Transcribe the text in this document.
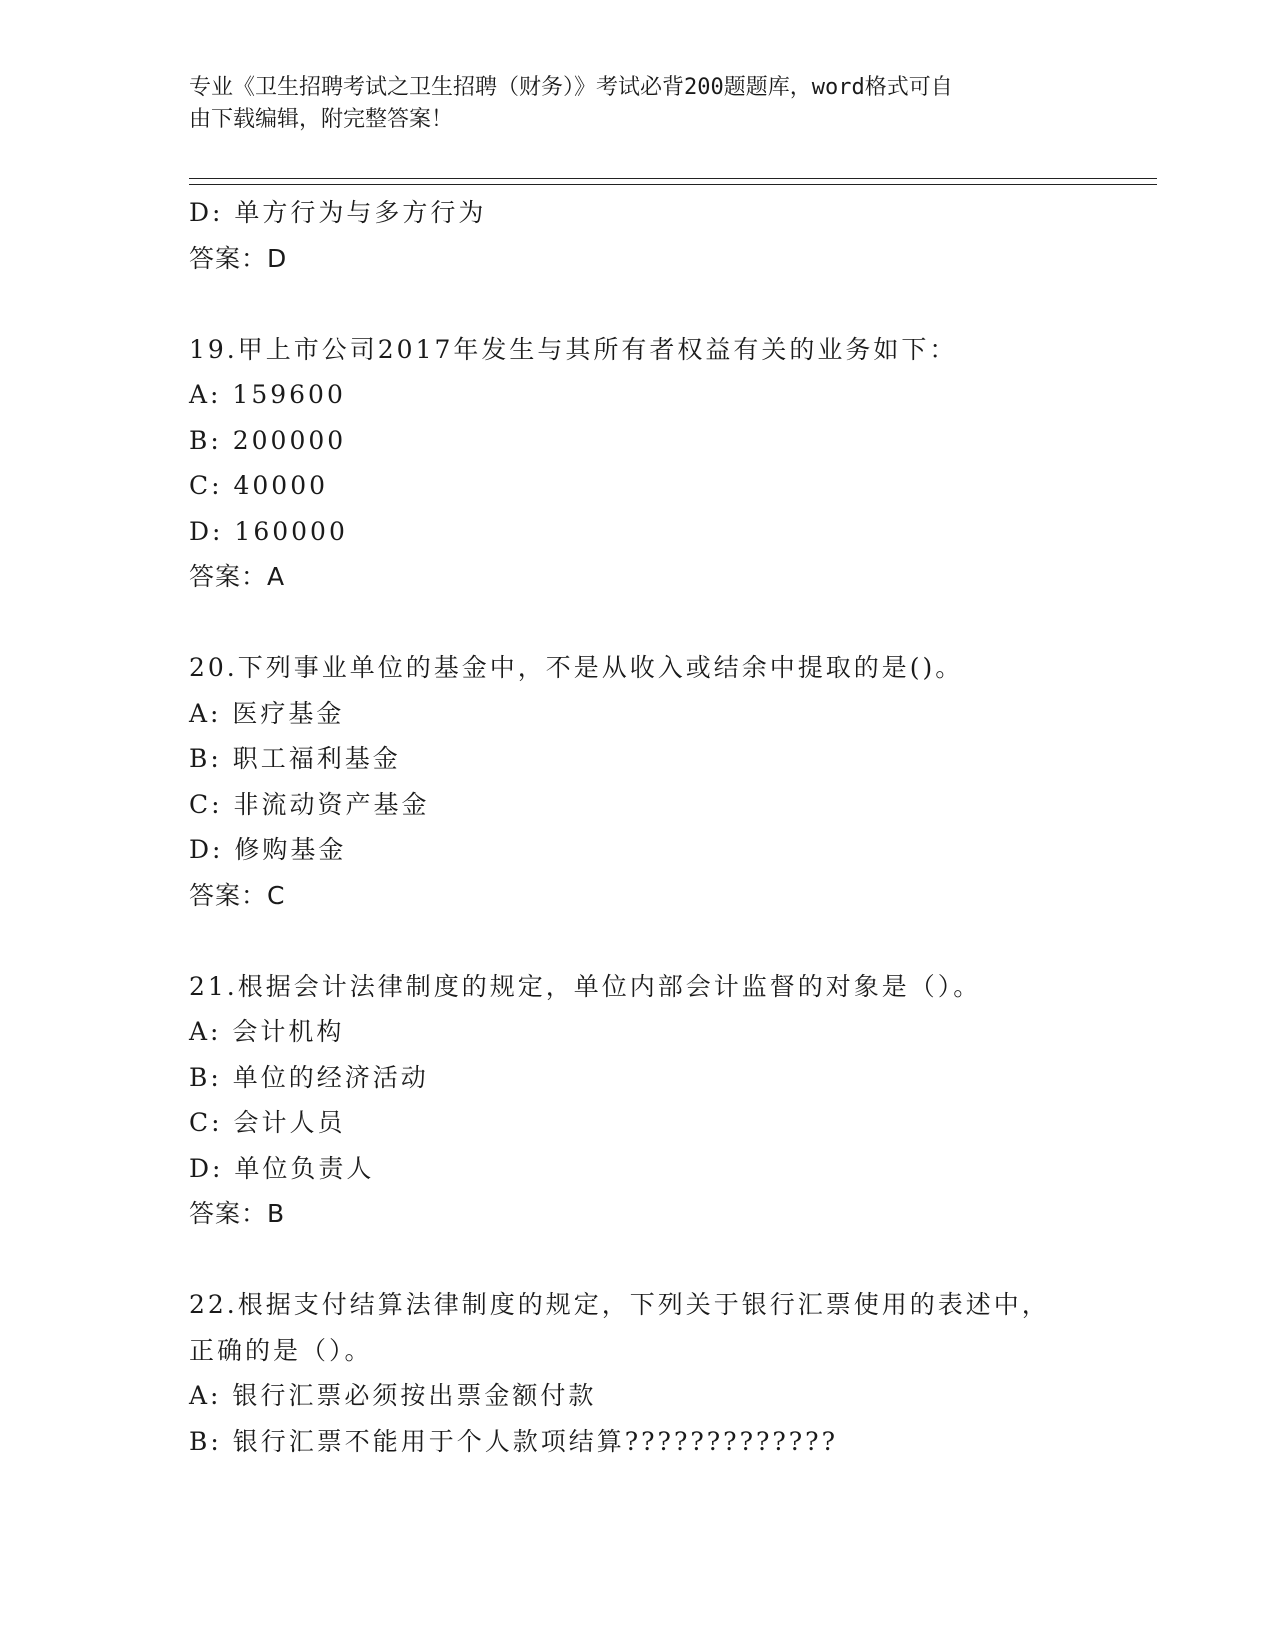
专业《卫生招聘考试之卫生招聘（财务）》考试必背200题题库，word格式可自
由下载编辑，附完整答案！
D: 单方行为与多方行为
答案：D
19.甲上市公司2017年发生与其所有者权益有关的业务如下：
A: 159600
B: 200000
C: 40000
D: 160000
答案：A
20.下列事业单位的基金中，不是从收入或结余中提取的是()。
A: 医疗基金
B: 职工福利基金
C: 非流动资产基金
D: 修购基金
答案：C
21.根据会计法律制度的规定，单位内部会计监督的对象是（）。
A: 会计机构
B: 单位的经济活动
C: 会计人员
D: 单位负责人
答案：B
22.根据支付结算法律制度的规定，下列关于银行汇票使用的表述中，
正确的是（）。
A: 银行汇票必须按出票金额付款
B: 银行汇票不能用于个人款项结算?????????????
